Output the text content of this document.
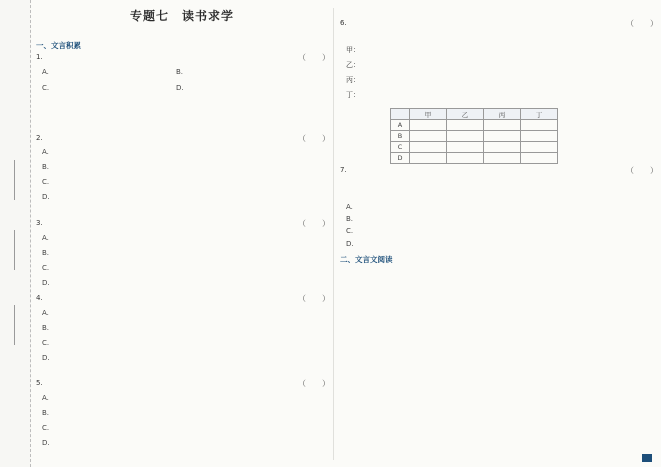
专题七　读书求学
一、文言积累
1.	（　　）
A.	B.
C.	D.
2.	（　　）
A.
B.
C.
D.
3.	（　　）
A.
B.
C.
D.
4.	（　　）
A.
B.
C.
D.
5.	（　　）
A.
B.
C.
D.
6.	（　　）
甲：
乙：
丙：
丁：
	甲	乙	丙	丁
A				
B				
C				
D				
7.	（　　）
A.
B.
C.
D.
二、文言文阅读
